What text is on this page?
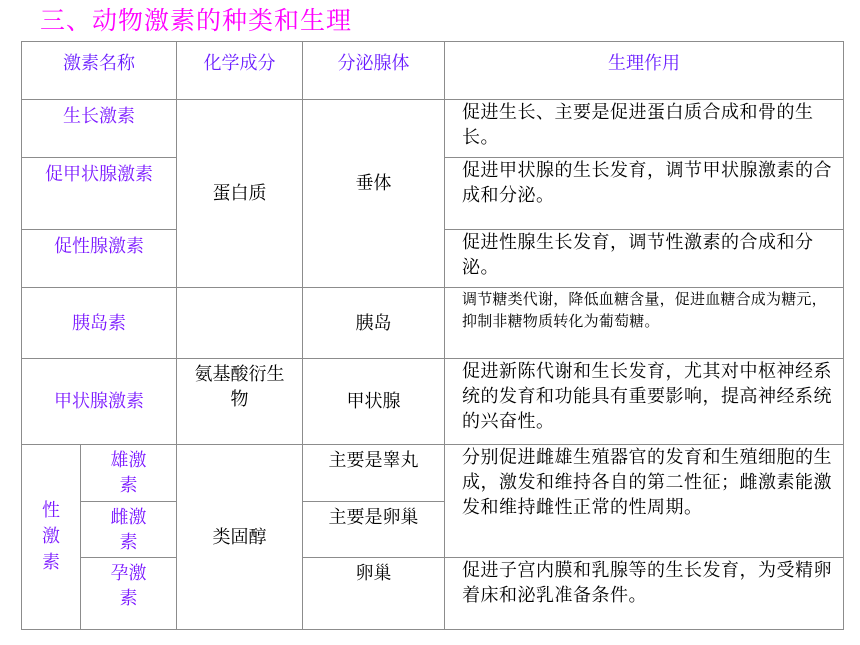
三、动物激素的种类和生理
激素名称		化学成分	分泌腺体	生理作用
生长激素		蛋白质	垂体	促进生长、主要是促进蛋白质合成和骨的生长。
促甲状腺激素				促进甲状腺的生长发育，调节甲状腺激素的合成和分泌。
促性腺激素				促进性腺生长发育，调节性激素的合成和分泌。
胰岛素			胰岛	调节糖类代谢，降低血糖含量，促进血糖合成为糖元，抑制非糖物质转化为葡萄糖。
甲状腺激素		氨基酸衍生物	甲状腺	促进新陈代谢和生长发育，尤其对中枢神经系统的发育和功能具有重要影响，提高神经系统的兴奋性。
性激素	雄激素	类固醇	主要是睾丸	分别促进雌雄生殖器官的发育和生殖细胞的生成，激发和维持各自的第二性征；雌激素能激发和维持雌性正常的性周期。
	雌激素		主要是卵巢	
	孕激素		卵巢	促进子宫内膜和乳腺等的生长发育，为受精卵着床和泌乳准备条件。
